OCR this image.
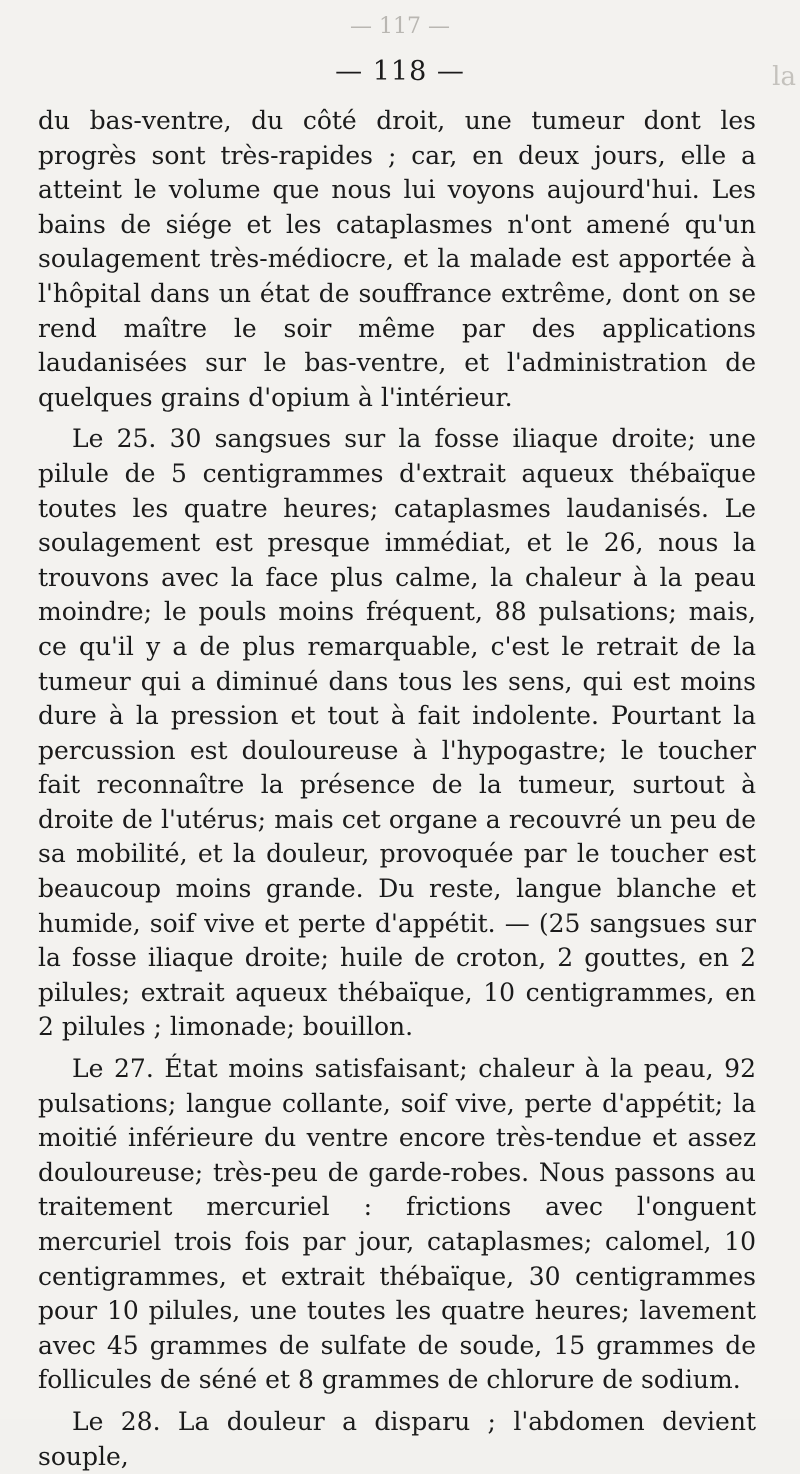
— 117 —
la
— 118 —

du bas-ventre, du côté droit, une tumeur dont les progrès sont très-rapides ; car, en deux jours, elle a atteint le volume que nous lui voyons aujourd'hui. Les bains de siége et les cataplasmes n'ont amené qu'un soulagement très-médiocre, et la malade est apportée à l'hôpital dans un état de souffrance extrême, dont on se rend maître le soir même par des applications laudanisées sur le bas-ventre, et l'administration de quelques grains d'opium à l'intérieur.

Le 25. 30 sangsues sur la fosse iliaque droite; une pilule de 5 centigrammes d'extrait aqueux thébaïque toutes les quatre heures; cataplasmes laudanisés. Le soulagement est presque immédiat, et le 26, nous la trouvons avec la face plus calme, la chaleur à la peau moindre; le pouls moins fréquent, 88 pulsations; mais, ce qu'il y a de plus remarquable, c'est le retrait de la tumeur qui a diminué dans tous les sens, qui est moins dure à la pression et tout à fait indolente. Pourtant la percussion est douloureuse à l'hypogastre; le toucher fait reconnaître la présence de la tumeur, surtout à droite de l'utérus; mais cet organe a recouvré un peu de sa mobilité, et la douleur, provoquée par le toucher est beaucoup moins grande. Du reste, langue blanche et humide, soif vive et perte d'appétit. — (25 sangsues sur la fosse iliaque droite; huile de croton, 2 gouttes, en 2 pilules; extrait aqueux thébaïque, 10 centigrammes, en 2 pilules ; limonade; bouillon.

Le 27. État moins satisfaisant; chaleur à la peau, 92 pulsations; langue collante, soif vive, perte d'appétit; la moitié inférieure du ventre encore très-tendue et assez douloureuse; très-peu de garde-robes. Nous passons au traitement mercuriel : frictions avec l'onguent mercuriel trois fois par jour, cataplasmes; calomel, 10 centigrammes, et extrait thébaïque, 30 centigrammes pour 10 pilules, une toutes les quatre heures; lavement avec 45 grammes de sulfate de soude, 15 grammes de follicules de séné et 8 grammes de chlorure de sodium.

Le 28. La douleur a disparu ; l'abdomen devient souple,
